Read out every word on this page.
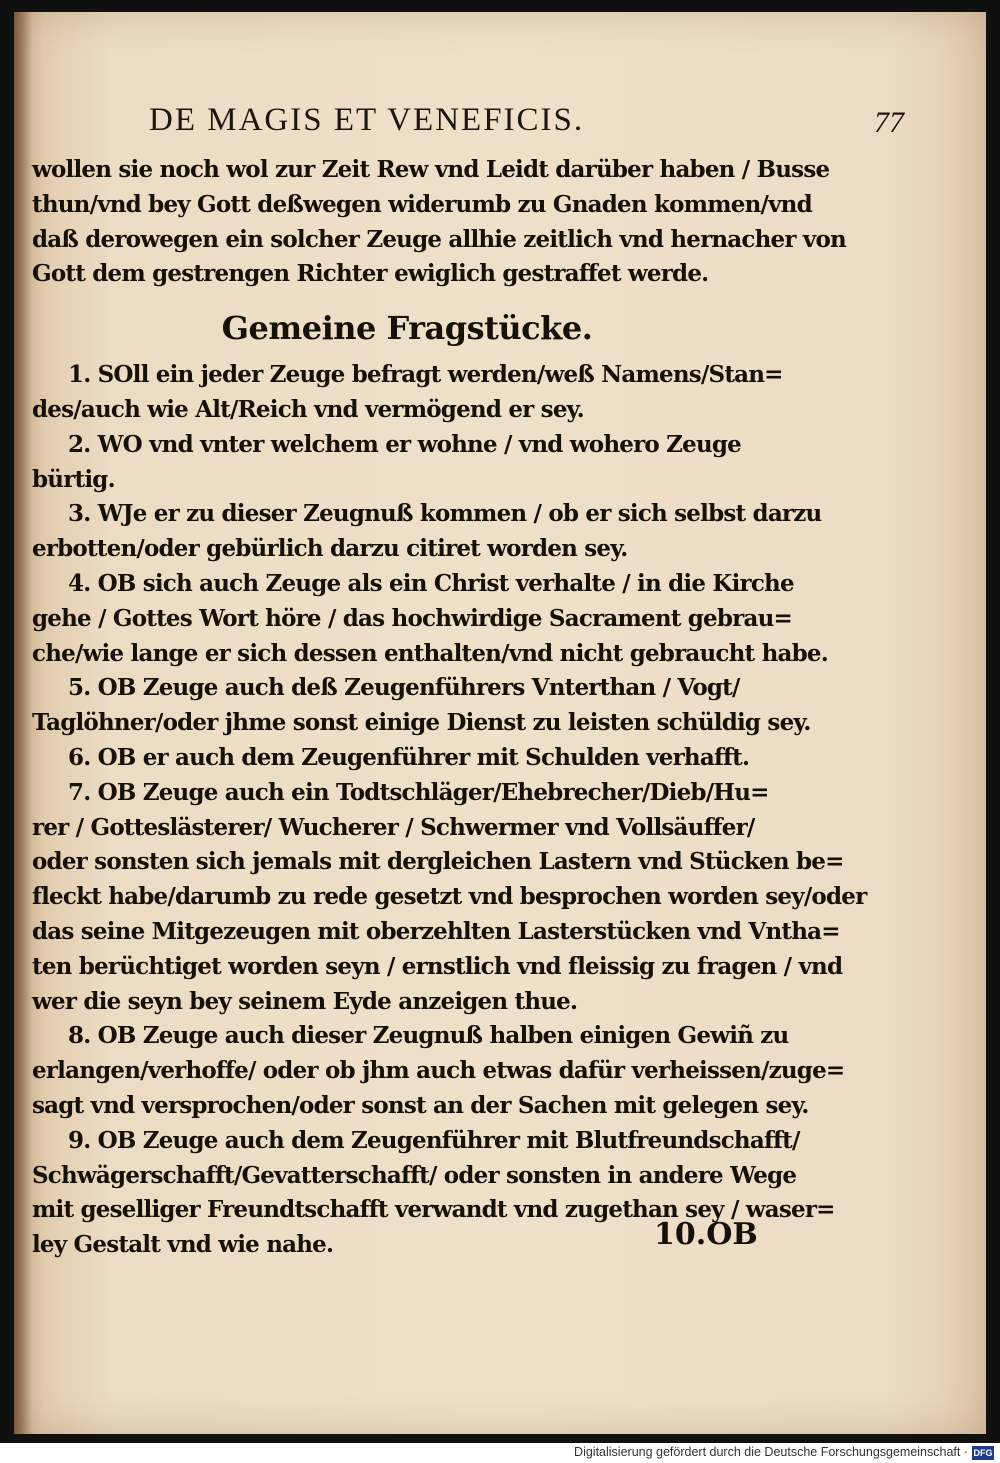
DE MAGIS ET VENEFICIS.	77
wollen sie noch wol zur Zeit Rew vnd Leidt darüber haben / Busse
thun/vnd bey Gott deßwegen widerumb zu Gnaden kommen/vnd
daß derowegen ein solcher Zeuge allhie zeitlich vnd hernacher von
Gott dem gestrengen Richter ewiglich gestraffet werde.
Gemeine Fragstücke.
1. SOll ein jeder Zeuge befragt werden/weß Namens/Stan=
des/auch wie Alt/Reich vnd vermögend er sey.
2. WO vnd vnter welchem er wohne / vnd wohero Zeuge
bürtig.
3. WJe er zu dieser Zeugnuß kommen / ob er sich selbst darzu
erbotten/oder gebürlich darzu citiret worden sey.
4. OB sich auch Zeuge als ein Christ verhalte / in die Kirche
gehe / Gottes Wort höre / das hochwirdige Sacrament gebrau=
che/wie lange er sich dessen enthalten/vnd nicht gebraucht habe.
5. OB Zeuge auch deß Zeugenführers Vnterthan / Vogt/
Taglöhner/oder jhme sonst einige Dienst zu leisten schüldig sey.
6. OB er auch dem Zeugenführer mit Schulden verhafft.
7. OB Zeuge auch ein Todtschläger/Ehebrecher/Dieb/Hu=
rer / Gotteslästerer/ Wucherer / Schwermer vnd Vollsäuffer/
oder sonsten sich jemals mit dergleichen Lastern vnd Stücken be=
fleckt habe/darumb zu rede gesetzt vnd besprochen worden sey/oder
das seine Mitgezeugen mit oberzehlten Lasterstücken vnd Vntha=
ten berüchtiget worden seyn / ernstlich vnd fleissig zu fragen / vnd
wer die seyn bey seinem Eyde anzeigen thue.
8. OB Zeuge auch dieser Zeugnuß halben einigen Gewiñ zu
erlangen/verhoffe/ oder ob jhm auch etwas dafür verheissen/zuge=
sagt vnd versprochen/oder sonst an der Sachen mit gelegen sey.
9. OB Zeuge auch dem Zeugenführer mit Blutfreundschafft/
Schwägerschafft/Gevatterschafft/ oder sonsten in andere Wege
mit geselliger Freundtschafft verwandt vnd zugethan sey / waser=
ley Gestalt vnd wie nahe.	10.OB
Digitalisierung gefördert durch die Deutsche Forschungsgemeinschaft · DFG
